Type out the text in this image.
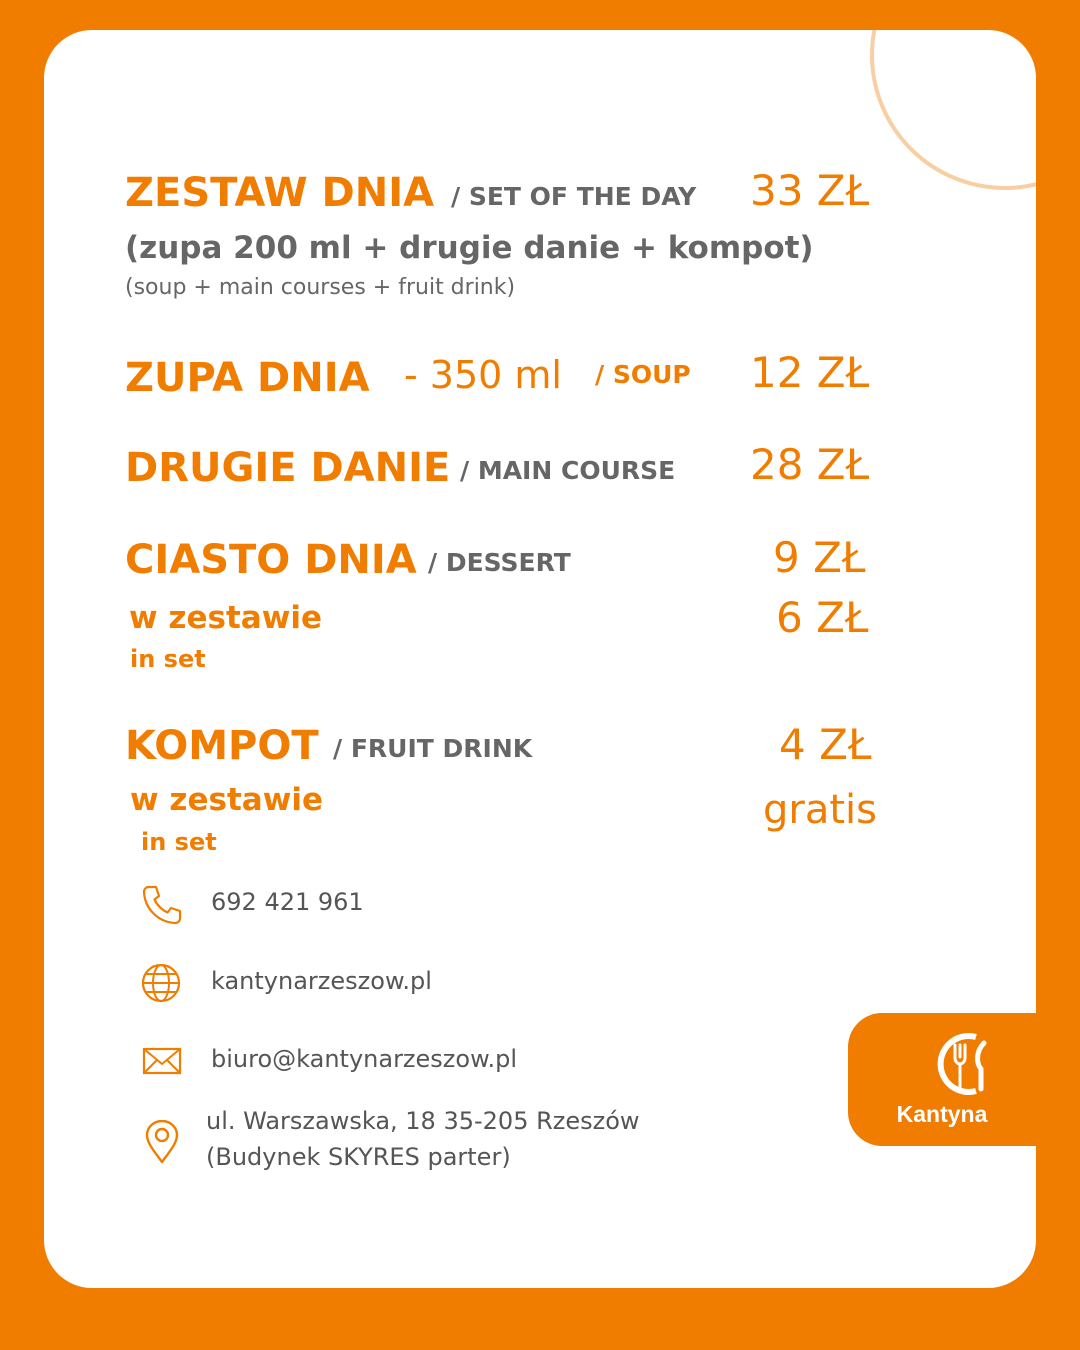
ZESTAW DNIA / SET OF THE DAY 33 ZŁ
(zupa 200 ml + drugie danie + kompot)
(soup + main courses + fruit drink)
ZUPA DNIA - 350 ml / SOUP 12 ZŁ
DRUGIE DANIE / MAIN COURSE 28 ZŁ
CIASTO DNIA / DESSERT	9 ZŁ
w zestawie	6 ZŁ
in set
KOMPOT / FRUIT DRINK	4 ZŁ
w zestawie	gratis
in set
692 421 961
kantynarzeszow.pl
biuro@kantynarzeszow.pl
ul. Warszawska, 18 35-205 Rzeszów
(Budynek SKYRES parter)
Kantyna
